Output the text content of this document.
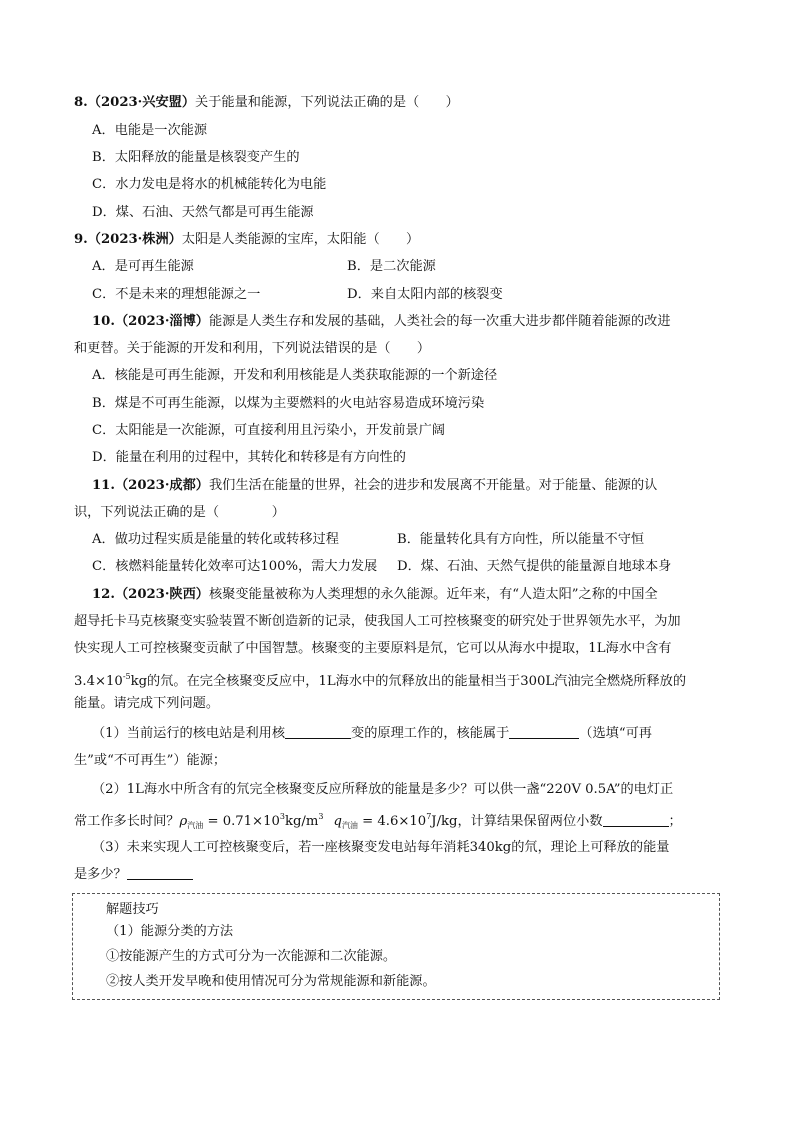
8.（2023·兴安盟）关于能量和能源，下列说法正确的是（　　）
A．电能是一次能源
B．太阳释放的能量是核裂变产生的
C．水力发电是将水的机械能转化为电能
D．煤、石油、天然气都是可再生能源
9.（2023·株洲）太阳是人类能源的宝库，太阳能（　　）
A．是可再生能源	B．是二次能源
C．不是未来的理想能源之一	D．来自太阳内部的核裂变
10.（2023·淄博）能源是人类生存和发展的基础，人类社会的每一次重大进步都伴随着能源的改进
和更替。关于能源的开发和利用，下列说法错误的是（　　）
A．核能是可再生能源，开发和利用核能是人类获取能源的一个新途径
B．煤是不可再生能源，以煤为主要燃料的火电站容易造成环境污染
C．太阳能是一次能源，可直接利用且污染小，开发前景广阔
D．能量在利用的过程中，其转化和转移是有方向性的
11.（2023·成都）我们生活在能量的世界，社会的进步和发展离不开能量。对于能量、能源的认
识，下列说法正确的是（　　　　）
A．做功过程实质是能量的转化或转移过程	B．能量转化具有方向性，所以能量不守恒
C．核燃料能量转化效率可达100%，需大力发展	D．煤、石油、天然气提供的能量源自地球本身
12.（2023·陕西）核聚变能量被称为人类理想的永久能源。近年来，有“人造太阳”之称的中国全
超导托卡马克核聚变实验装置不断创造新的记录，使我国人工可控核聚变的研究处于世界领先水平，为加
快实现人工可控核聚变贡献了中国智慧。核聚变的主要原料是氘，它可以从海水中提取，1L海水中含有
$3.4\times 10^{-5}kg$的氘。在完全核聚变反应中，1L海水中的氘释放出的能量相当于300L汽油完全燃烧所释放的
能量。请完成下列问题。
（1）当前运行的核电站是利用核	变的原理工作的，核能属于	（选填“可再
生”或“不可再生”）能源；
（2）1L海水中所含有的氘完全核聚变反应所释放的能量是多少？可以供一盏“220V 0.5A”的电灯正
常工作多长时间？$\rho_{汽油} = 0.71\times 10^3kg/m^3$ $q_{汽油} = 4.6\times 10^7J/kg$，计算结果保留两位小数	；
（3）未来实现人工可控核聚变后，若一座核聚变发电站每年消耗340kg的氘，理论上可释放的能量
是多少？
解题技巧
（1）能源分类的方法
①按能源产生的方式可分为一次能源和二次能源。
②按人类开发早晚和使用情况可分为常规能源和新能源。
